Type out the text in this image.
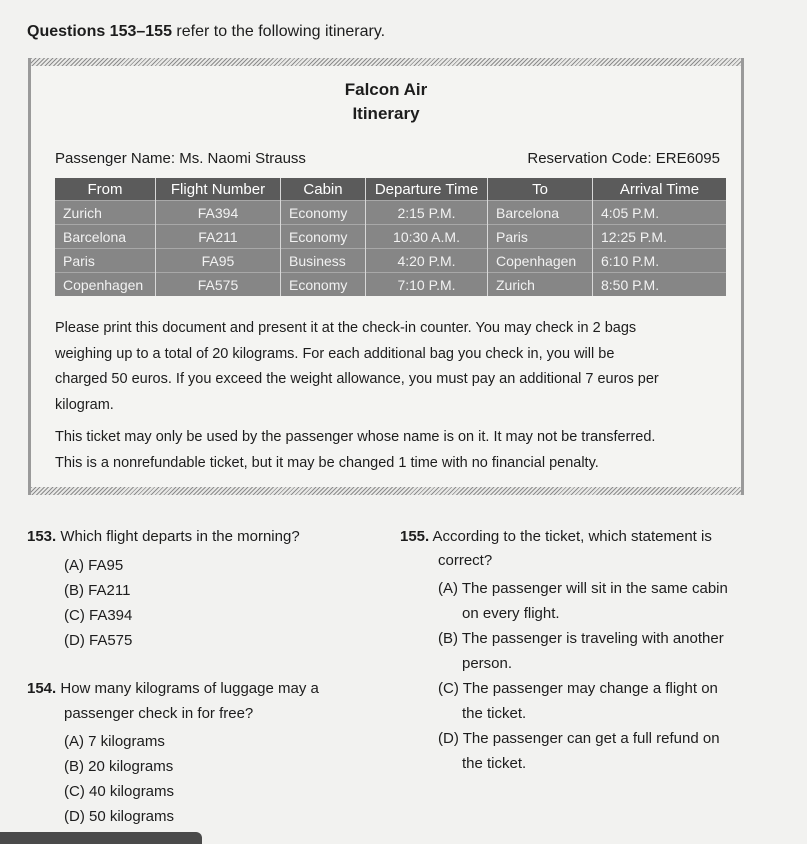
Questions 153–155 refer to the following itinerary.
Falcon Air
Itinerary
Passenger Name: Ms. Naomi Strauss	Reservation Code: ERE6095
From	Flight Number	Cabin	Departure Time	To	Arrival Time
Zurich	FA394	Economy	2:15 P.M.	Barcelona	4:05 P.M.
Barcelona	FA211	Economy	10:30 A.M.	Paris	12:25 P.M.
Paris	FA95	Business	4:20 P.M.	Copenhagen	6:10 P.M.
Copenhagen	FA575	Economy	7:10 P.M.	Zurich	8:50 P.M.
Please print this document and present it at the check-in counter. You may check in 2 bags
weighing up to a total of 20 kilograms. For each additional bag you check in, you will be
charged 50 euros. If you exceed the weight allowance, you must pay an additional 7 euros per
kilogram.
This ticket may only be used by the passenger whose name is on it. It may not be transferred.
This is a nonrefundable ticket, but it may be changed 1 time with no financial penalty.
153. Which flight departs in the morning?
(A) FA95
(B) FA211
(C) FA394
(D) FA575
154. How many kilograms of luggage may a
passenger check in for free?
(A) 7 kilograms
(B) 20 kilograms
(C) 40 kilograms
(D) 50 kilograms
155. According to the ticket, which statement is
correct?
(A) The passenger will sit in the same cabin
on every flight.
(B) The passenger is traveling with another
person.
(C) The passenger may change a flight on
the ticket.
(D) The passenger can get a full refund on
the ticket.
